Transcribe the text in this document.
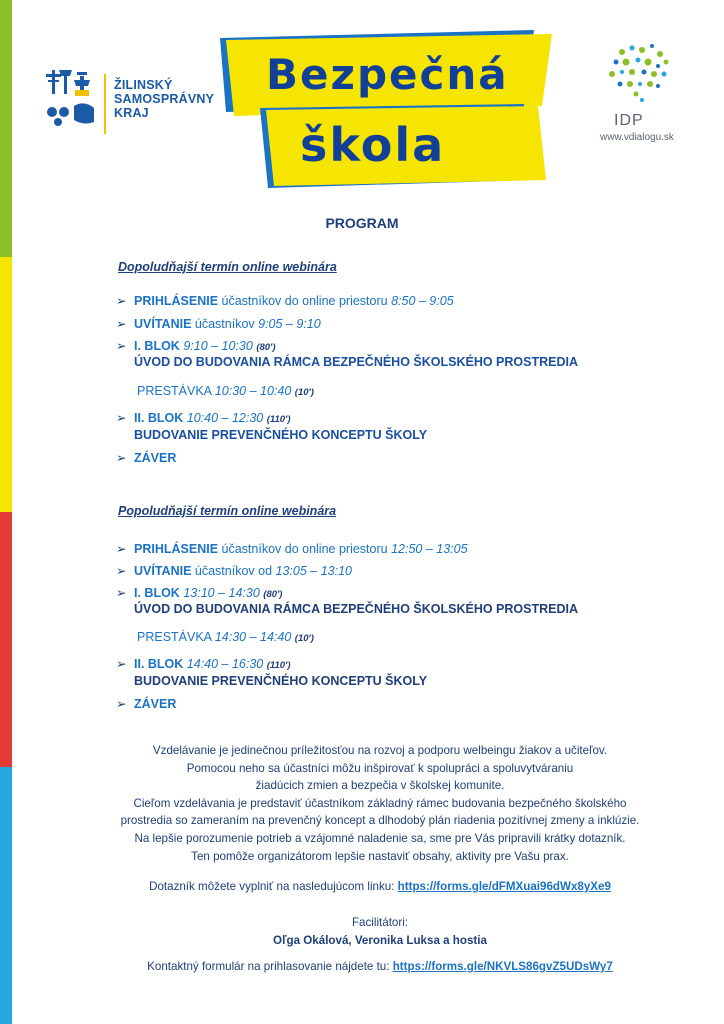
ŽILINSKÝ
SAMOSPRÁVNY
KRAJ
Bezpečná
škola	IDP
www.vdialogu.sk
PROGRAM
Dopoludňajší termín online webinára
➢ PRIHLÁSENIE účastníkov do online priestoru 8:50 – 9:05
➢ UVÍTANIE účastníkov 9:05 – 9:10
➢ I. BLOK 9:10 – 10:30 (80′)
ÚVOD DO BUDOVANIA RÁMCA BEZPEČNÉHO ŠKOLSKÉHO PROSTREDIA
PRESTÁVKA 10:30 – 10:40 (10′)
➢ II. BLOK 10:40 – 12:30 (110′)
BUDOVANIE PREVENČNÉHO KONCEPTU ŠKOLY
➢ ZÁVER
Popoludňajší termín online webinára
➢ PRIHLÁSENIE účastníkov do online priestoru 12:50 – 13:05
➢ UVÍTANIE účastníkov od 13:05 – 13:10
➢ I. BLOK 13:10 – 14:30 (80′)
ÚVOD DO BUDOVANIA RÁMCA BEZPEČNÉHO ŠKOLSKÉHO PROSTREDIA
PRESTÁVKA 14:30 – 14:40 (10′)
➢ II. BLOK 14:40 – 16:30 (110′)
BUDOVANIE PREVENČNÉHO KONCEPTU ŠKOLY
➢ ZÁVER
Vzdelávanie je jedinečnou príležitosťou na rozvoj a podporu welbeingu žiakov a učiteľov.
Pomocou neho sa účastníci môžu inšpirovať k spolupráci a spoluvytváraniu
žiadúcich zmien a bezpečia v školskej komunite.
Cieľom vzdelávania je predstaviť účastníkom základný rámec budovania bezpečného školského
prostredia so zameraním na prevenčný koncept a dlhodobý plán riadenia pozitívnej zmeny a inklúzie.
Na lepšie porozumenie potrieb a vzájomné naladenie sa, sme pre Vás pripravili krátky dotazník.
Ten pomôže organizátorom lepšie nastaviť obsahy, aktivity pre Vašu prax.
Dotazník môžete vyplniť na nasledujúcom linku: https://forms.gle/dFMXuai96dWx8yXe9
Facilitátori:
Oľga Okálová, Veronika Luksa a hostia
Kontaktný formulár na prihlasovanie nájdete tu: https://forms.gle/NKVLS86gvZ5UDsWy7
